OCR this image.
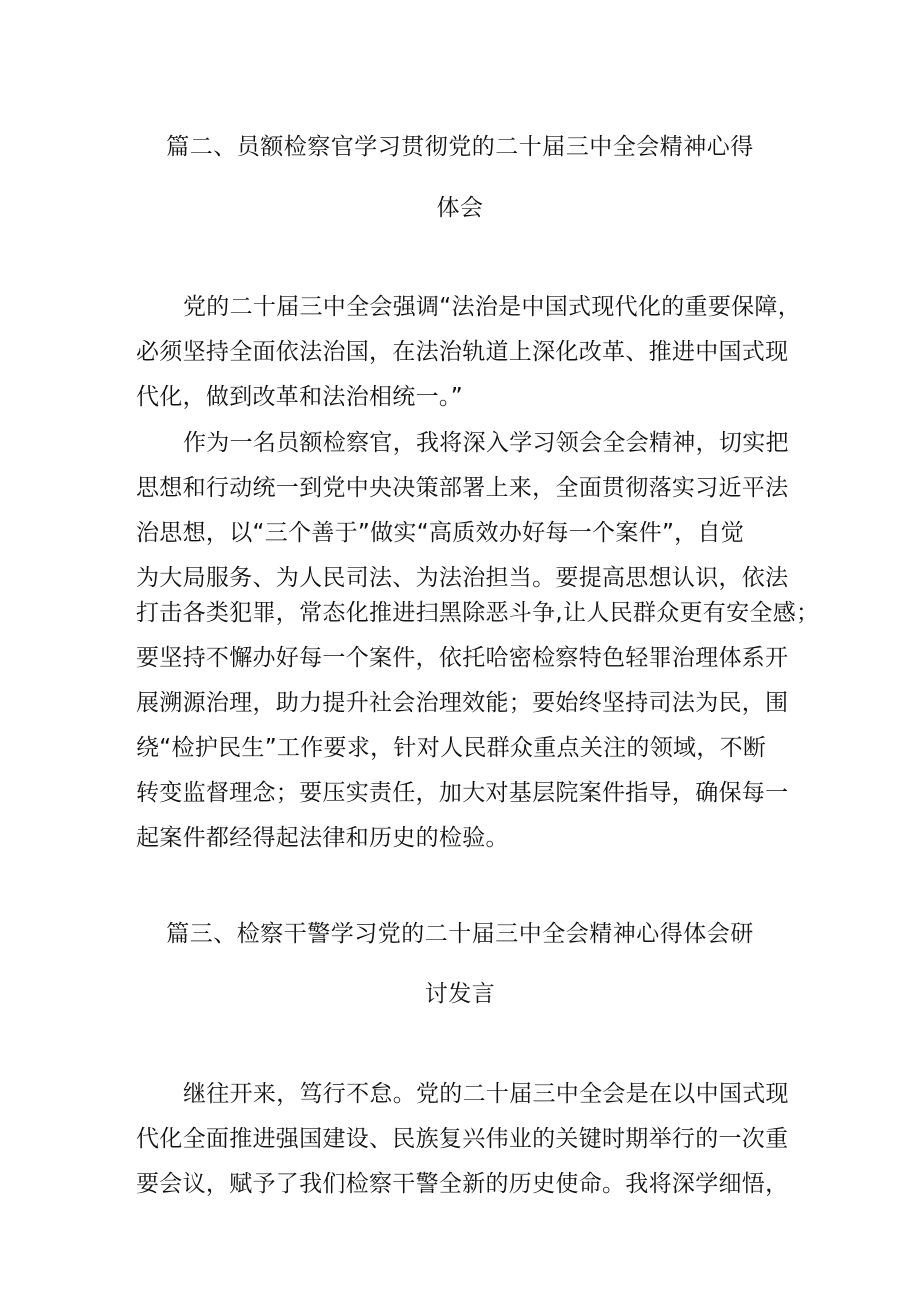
篇二、员额检察官学习贯彻党的二十届三中全会精神心得
体会
党的二十届三中全会强调“法治是中国式现代化的重要保障，
必须坚持全面依法治国，在法治轨道上深化改革、推进中国式现
代化，做到改革和法治相统一。”
作为一名员额检察官，我将深入学习领会全会精神，切实把
思想和行动统一到党中央决策部署上来，全面贯彻落实习近平法
治思想，以“三个善于”做实“高质效办好每一个案件”，自觉
为大局服务、为人民司法、为法治担当。要提高思想认识，依法
打击各类犯罪，常态化推进扫黑除恶斗争,让人民群众更有安全感；
要坚持不懈办好每一个案件，依托哈密检察特色轻罪治理体系开
展溯源治理，助力提升社会治理效能；要始终坚持司法为民，围
绕“检护民生”工作要求，针对人民群众重点关注的领域，不断
转变监督理念；要压实责任，加大对基层院案件指导，确保每一
起案件都经得起法律和历史的检验。
篇三、检察干警学习党的二十届三中全会精神心得体会研
讨发言
继往开来，笃行不怠。党的二十届三中全会是在以中国式现
代化全面推进强国建设、民族复兴伟业的关键时期举行的一次重
要会议，赋予了我们检察干警全新的历史使命。我将深学细悟，
